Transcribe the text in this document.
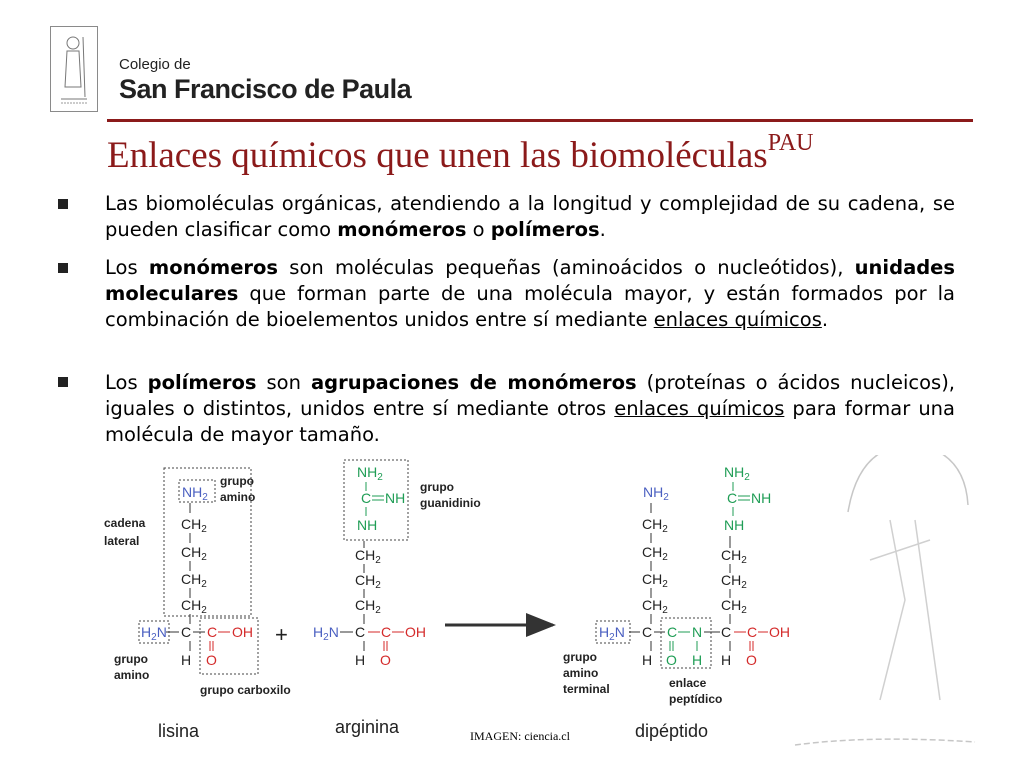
Colegio de
San Francisco de Paula
Enlaces químicos que unen las biomoléculas$^{PAU}$

Las biomoléculas orgánicas, atendiendo a la longitud y complejidad de su cadena, se pueden clasificar como monómeros o polímeros.

Los monómeros son moléculas pequeñas (aminoácidos o nucleótidos), unidades moleculares que forman parte de una molécula mayor, y están formados por la combinación de bioelementos unidos entre sí mediante enlaces químicos.

Los polímeros son agrupaciones de monómeros (proteínas o ácidos nucleicos), iguales o distintos, unidos entre sí mediante otros enlaces químicos para formar una molécula de mayor tamaño.

$NH_2$
$CH_2$
$CH_2$
$CH_2$
$CH_2$
C
H
$H_2N$	C OH
O
cadena
lateral
grupo
amino
grupo
amino
grupo carboxilo
+
lisina
$NH_2$
C NH
NH
$CH_2$
$CH_2$
$CH_2$
C
H
$H_2N$	C OH
O
grupo
guanidinio
arginina
$NH_2$
$CH_2$
$CH_2$
$CH_2$
$CH_2$
C
H
$H_2N$	C N
O H
$NH_2$
C NH
NH
$CH_2$
$CH_2$
$CH_2$
C
H
C OH
O
grupo
amino
terminal	enlace
peptídico
dipéptido
IMAGEN: ciencia.cl
